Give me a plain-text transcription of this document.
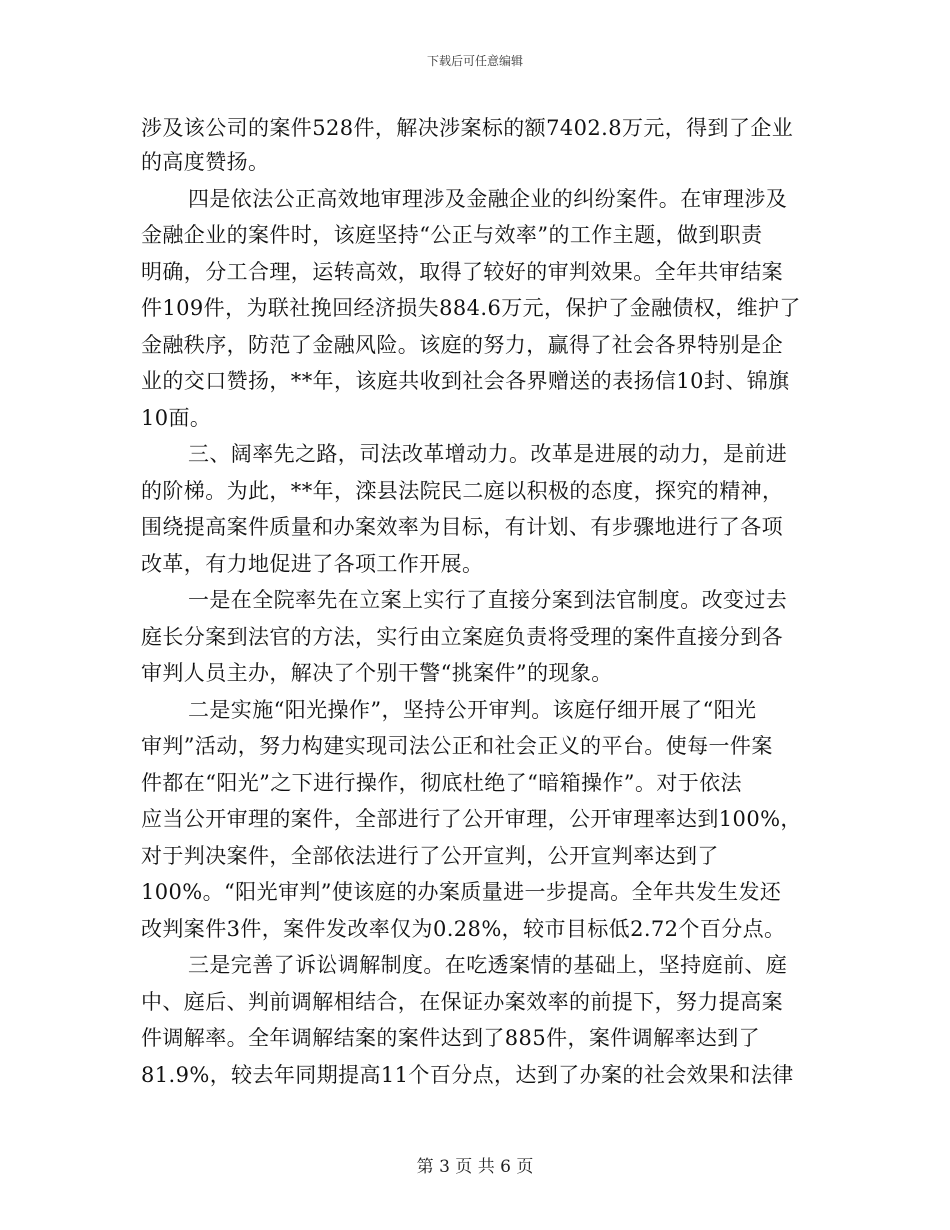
下载后可任意编辑
涉及该公司的案件528件，解决涉案标的额7402.8万元，得到了企业
的高度赞扬。
四是依法公正高效地审理涉及金融企业的纠纷案件。在审理涉及
金融企业的案件时，该庭坚持“公正与效率”的工作主题，做到职责
明确，分工合理，运转高效，取得了较好的审判效果。全年共审结案
件109件，为联社挽回经济损失884.6万元，保护了金融债权，维护了
金融秩序，防范了金融风险。该庭的努力，赢得了社会各界特别是企
业的交口赞扬，**年，该庭共收到社会各界赠送的表扬信10封、锦旗
10面。
三、阔率先之路，司法改革增动力。改革是进展的动力，是前进
的阶梯。为此，**年，滦县法院民二庭以积极的态度，探究的精神，
围绕提高案件质量和办案效率为目标，有计划、有步骤地进行了各项
改革，有力地促进了各项工作开展。
一是在全院率先在立案上实行了直接分案到法官制度。改变过去
庭长分案到法官的方法，实行由立案庭负责将受理的案件直接分到各
审判人员主办，解决了个别干警“挑案件”的现象。
二是实施“阳光操作”，坚持公开审判。该庭仔细开展了“阳光
审判”活动，努力构建实现司法公正和社会正义的平台。使每一件案
件都在“阳光”之下进行操作，彻底杜绝了“暗箱操作”。对于依法
应当公开审理的案件，全部进行了公开审理，公开审理率达到100%，
对于判决案件，全部依法进行了公开宣判，公开宣判率达到了
100%。“阳光审判”使该庭的办案质量进一步提高。全年共发生发还
改判案件3件，案件发改率仅为0.28%，较市目标低2.72个百分点。
三是完善了诉讼调解制度。在吃透案情的基础上，坚持庭前、庭
中、庭后、判前调解相结合，在保证办案效率的前提下，努力提高案
件调解率。全年调解结案的案件达到了885件，案件调解率达到了
81.9%，较去年同期提高11个百分点，达到了办案的社会效果和法律
第 3 页 共 6 页
